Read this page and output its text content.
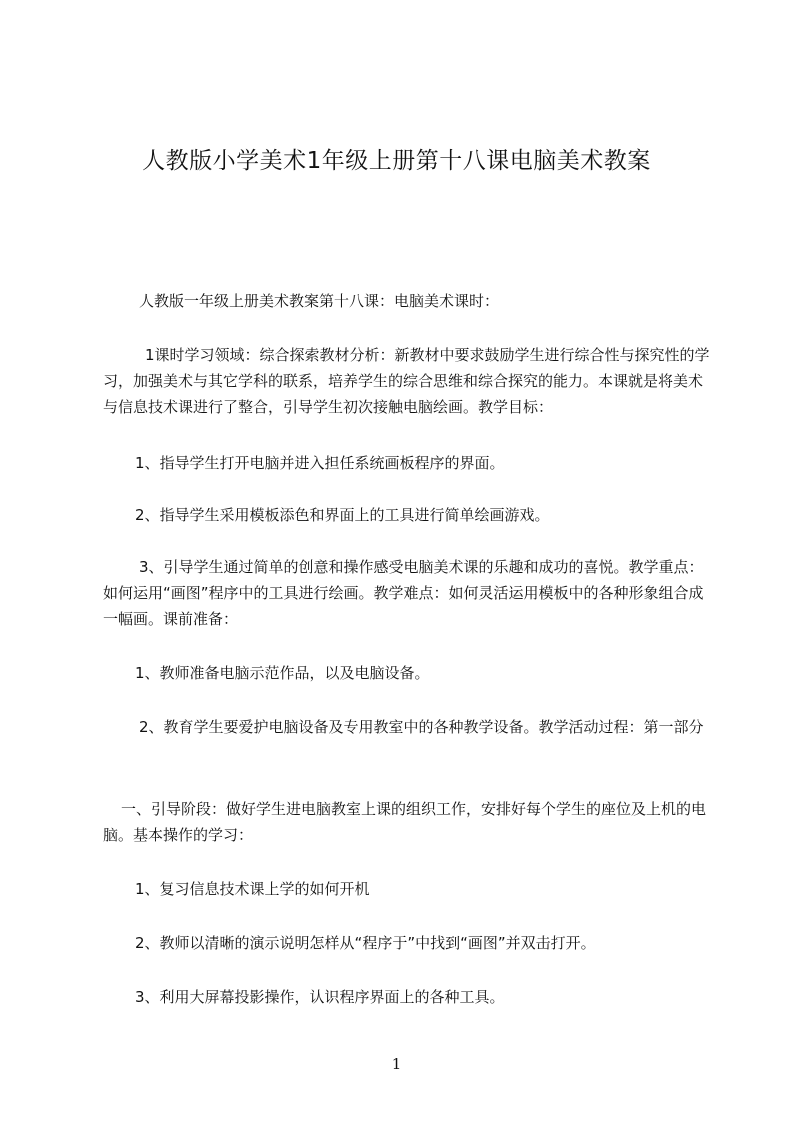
人教版小学美术1年级上册第十八课电脑美术教案
人教版一年级上册美术教案第十八课：电脑美术课时：
1课时学习领域：综合探索教材分析：新教材中要求鼓励学生进行综合性与探究性的学习，加强美术与其它学科的联系，培养学生的综合思维和综合探究的能力。本课就是将美术与信息技术课进行了整合，引导学生初次接触电脑绘画。教学目标：
1、指导学生打开电脑并进入担任系统画板程序的界面。
2、指导学生采用模板添色和界面上的工具进行简单绘画游戏。
3、引导学生通过简单的创意和操作感受电脑美术课的乐趣和成功的喜悦。教学重点：如何运用“画图”程序中的工具进行绘画。教学难点：如何灵活运用模板中的各种形象组合成一幅画。课前准备：
1、教师准备电脑示范作品，以及电脑设备。
2、教育学生要爱护电脑设备及专用教室中的各种教学设备。教学活动过程：第一部分
一、引导阶段：做好学生进电脑教室上课的组织工作，安排好每个学生的座位及上机的电脑。基本操作的学习：
1、复习信息技术课上学的如何开机
2、教师以清晰的演示说明怎样从“程序于”中找到“画图”并双击打开。
3、利用大屏幕投影操作，认识程序界面上的各种工具。
1
